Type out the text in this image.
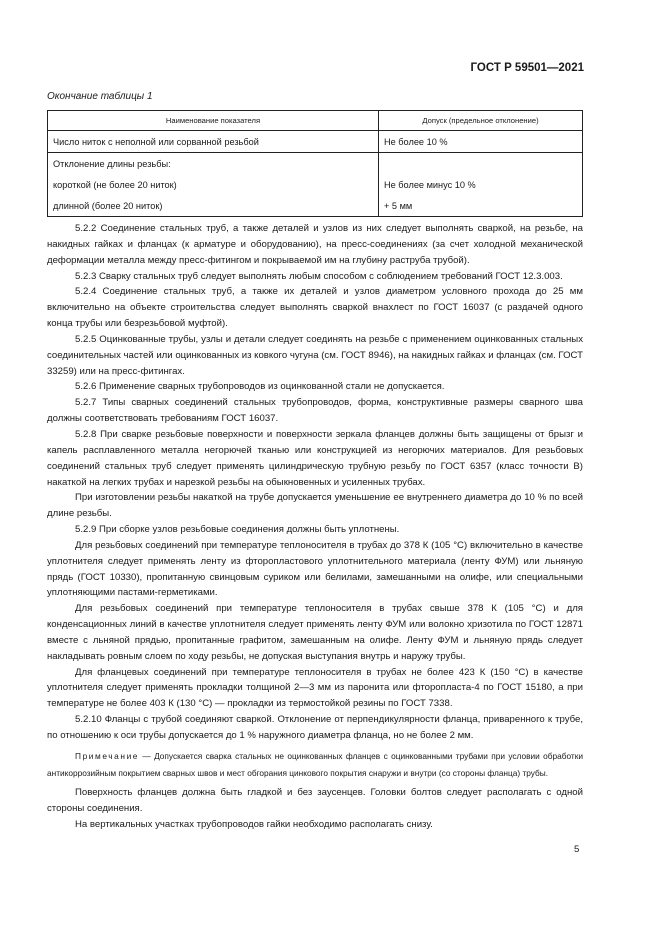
ГОСТ Р 59501—2021
Окончание таблицы 1
Наименование показателя	Допуск (предельное отклонение)
Число ниток с неполной или сорванной резьбой	Не более 10 %
Отклонение длины резьбы:	
короткой (не более 20 ниток)	Не более минус 10 %
длинной (более 20 ниток)	+ 5 мм

5.2.2 Соединение стальных труб, а также деталей и узлов из них следует выполнять сваркой, на резьбе, на накидных гайках и фланцах (к арматуре и оборудованию), на пресс-соединениях (за счет холодной механической деформации металла между пресс-фитингом и покрываемой им на глубину раструба трубой).

5.2.3 Сварку стальных труб следует выполнять любым способом с соблюдением требований ГОСТ 12.3.003.

5.2.4 Соединение стальных труб, а также их деталей и узлов диаметром условного прохода до 25 мм включительно на объекте строительства следует выполнять сваркой внахлест по ГОСТ 16037 (с раздачей одного конца трубы или безрезьбовой муфтой).

5.2.5 Оцинкованные трубы, узлы и детали следует соединять на резьбе с применением оцинкованных стальных соединительных частей или оцинкованных из ковкого чугуна (см. ГОСТ 8946), на накидных гайках и фланцах (см. ГОСТ 33259) или на пресс-фитингах.

5.2.6 Применение сварных трубопроводов из оцинкованной стали не допускается.

5.2.7 Типы сварных соединений стальных трубопроводов, форма, конструктивные размеры сварного шва должны соответствовать требованиям ГОСТ 16037.

5.2.8 При сварке резьбовые поверхности и поверхности зеркала фланцев должны быть защищены от брызг и капель расплавленного металла негорючей тканью или конструкцией из негорючих материалов. Для резьбовых соединений стальных труб следует применять цилиндрическую трубную резьбу по ГОСТ 6357 (класс точности В) накаткой на легких трубах и нарезкой резьбы на обыкновенных и усиленных трубах.

При изготовлении резьбы накаткой на трубе допускается уменьшение ее внутреннего диаметра до 10 % по всей длине резьбы.

5.2.9 При сборке узлов резьбовые соединения должны быть уплотнены.

Для резьбовых соединений при температуре теплоносителя в трубах до 378 К (105 °С) включительно в качестве уплотнителя следует применять ленту из фторопластового уплотнительного материала (ленту ФУМ) или льняную прядь (ГОСТ 10330), пропитанную свинцовым суриком или белилами, замешанными на олифе, или специальными уплотняющими пастами-герметиками.

Для резьбовых соединений при температуре теплоносителя в трубах свыше 378 К (105 °С) и для конденсационных линий в качестве уплотнителя следует применять ленту ФУМ или волокно хризотила по ГОСТ 12871 вместе с льняной прядью, пропитанные графитом, замешанным на олифе. Ленту ФУМ и льняную прядь следует накладывать ровным слоем по ходу резьбы, не допуская выступания внутрь и наружу трубы.

Для фланцевых соединений при температуре теплоносителя в трубах не более 423 К (150 °С) в качестве уплотнителя следует применять прокладки толщиной 2—3 мм из паронита или фторопласта-4 по ГОСТ 15180, а при температуре не более 403 К (130 °С) — прокладки из термостойкой резины по ГОСТ 7338.

5.2.10 Фланцы с трубой соединяют сваркой. Отклонение от перпендикулярности фланца, приваренного к трубе, по отношению к оси трубы допускается до 1 % наружного диаметра фланца, но не более 2 мм.

Примечание — Допускается сварка стальных не оцинкованных фланцев с оцинкованными трубами при условии обработки антикоррозийным покрытием сварных швов и мест обгорания цинкового покрытия снаружи и внутри (со стороны фланца) трубы.

Поверхность фланцев должна быть гладкой и без заусенцев. Головки болтов следует располагать с одной стороны соединения.

На вертикальных участках трубопроводов гайки необходимо располагать снизу.

5
